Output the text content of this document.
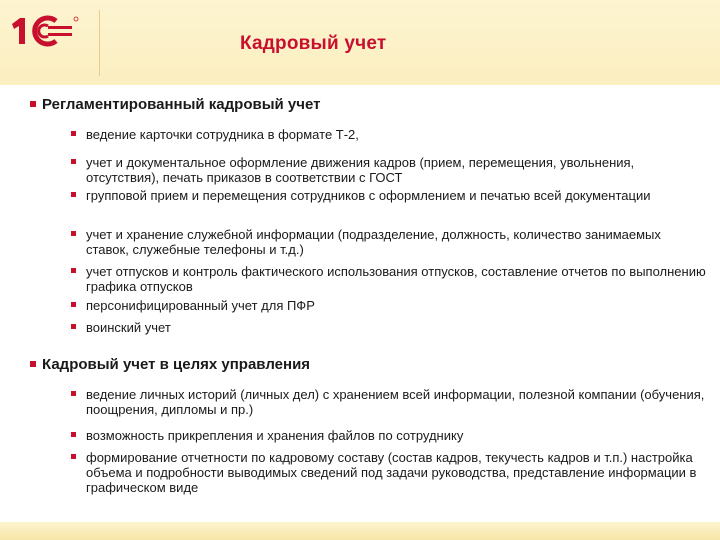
Кадровый учет
Регламентированный кадровый учет
ведение карточки сотрудника в формате Т-2,
учет и документальное оформление движения кадров (прием, перемещения, увольнения, отсутствия), печать приказов в соответствии с ГОСТ
групповой прием и перемещения сотрудников с оформлением и печатью всей документации
учет и хранение служебной информации (подразделение, должность, количество занимаемых ставок, служебные телефоны и т.д.)
учет отпусков и контроль фактического использования отпусков, составление отчетов по выполнению графика отпусков
персонифицированный учет для ПФР
воинский учет
Кадровый учет в целях управления
ведение личных историй (личных дел) с хранением всей информации, полезной компании (обучения, поощрения, дипломы и пр.)
возможность прикрепления и хранения файлов по сотруднику
формирование отчетности по кадровому составу (состав кадров, текучесть кадров и т.п.) настройка объема и подробности выводимых сведений под задачи руководства, представление информации в графическом виде
